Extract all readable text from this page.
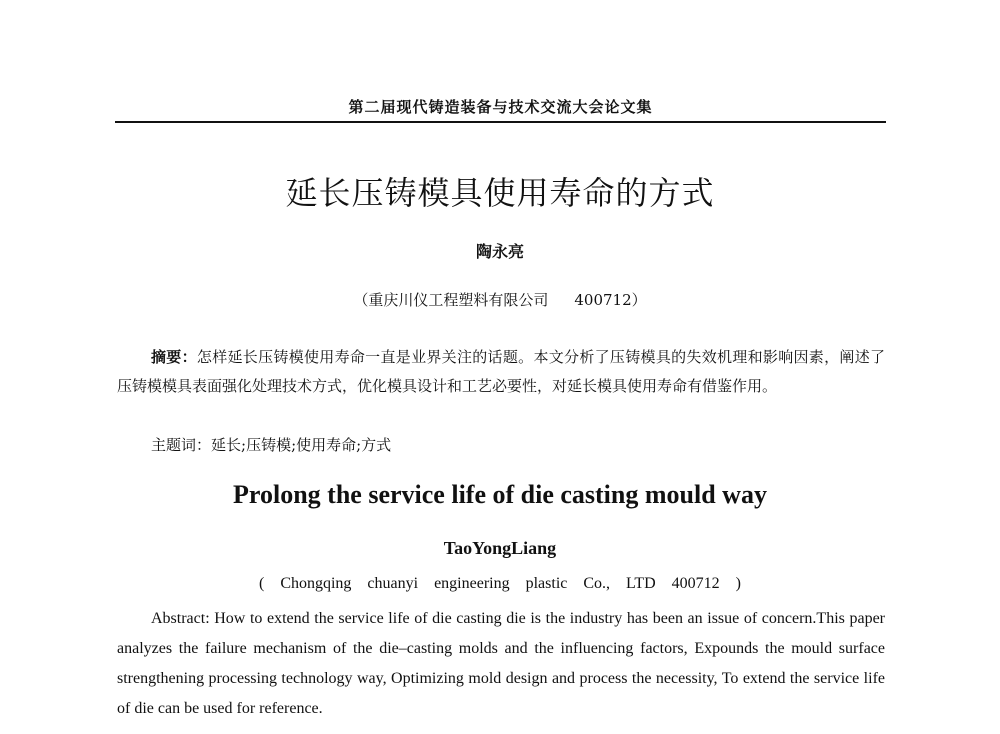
第二届现代铸造装备与技术交流大会论文集
延长压铸模具使用寿命的方式
陶永亮
（重庆川仪工程塑料有限公司 400712）

摘要：怎样延长压铸模使用寿命一直是业界关注的话题。本文分析了压铸模具的失效机理和影响因素，阐述了压铸模模具表面强化处理技术方式，优化模具设计和工艺必要性，对延长模具使用寿命有借鉴作用。

主题词：延长;压铸模;使用寿命;方式
Prolong the service life of die casting mould way
TaoYongLiang
( Chongqing chuanyi engineering plastic Co., LTD 400712 )

Abstract: How to extend the service life of die casting die is the industry has been an issue of concern.This paper analyzes the failure mechanism of the die–casting molds and the influencing factors, Expounds the mould surface strengthening processing technology way, Optimizing mold design and process the necessity, To extend the service life of die can be used for reference.
